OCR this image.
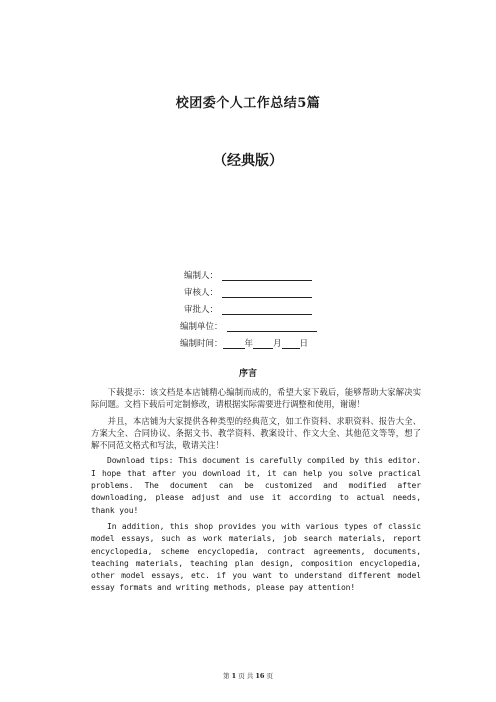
校团委个人工作总结5篇
（经典版）
编制人：
审核人：
审批人：
编制单位：
编制时间：	年 月 日
序言

下载提示：该文档是本店铺精心编制而成的，希望大家下载后，能够帮助大家解决实际问题。文档下载后可定制修改，请根据实际需要进行调整和使用，谢谢！

并且，本店铺为大家提供各种类型的经典范文，如工作资料、求职资料、报告大全、方案大全、合同协议、条据文书、教学资料、教案设计、作文大全、其他范文等等，想了解不同范文格式和写法，敬请关注！

Download tips: This document is carefully compiled by this editor. I hope that after you download it, it can help you solve practical problems. The document can be customized and modified after downloading, please adjust and use it according to actual needs, thank you!

In addition, this shop provides you with various types of classic model essays, such as work materials, job search materials, report encyclopedia, scheme encyclopedia, contract agreements, documents, teaching materials, teaching plan design, composition encyclopedia, other model essays, etc. if you want to understand different model essay formats and writing methods, please pay attention!

第 1 页 共 16 页
